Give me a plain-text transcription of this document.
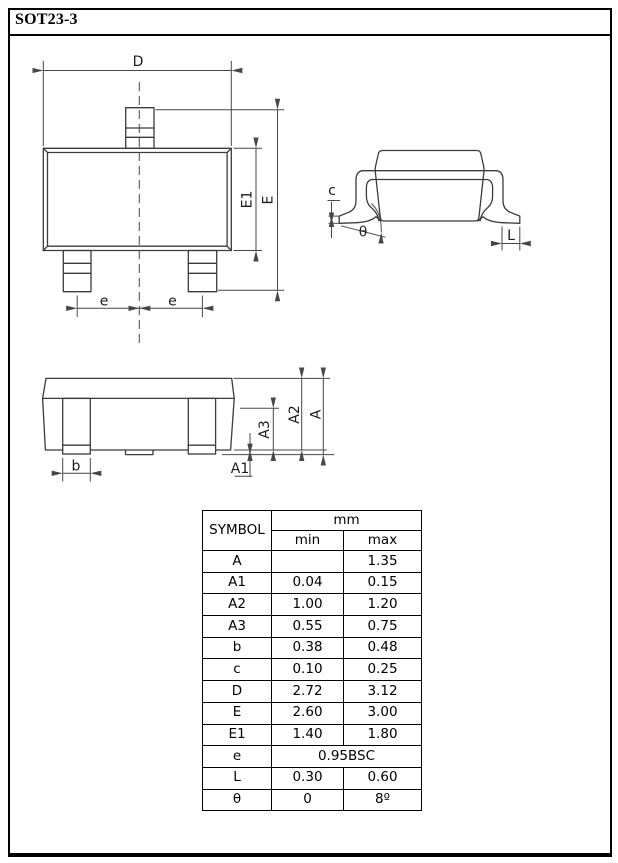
SOT23-3
D
E1 E
e	e
c
θ	L
b	A1
A3
A2 A
SYMBOL	mm	
	min	max
A		1.35
A1	0.04	0.15
A2	1.00	1.20
A3	0.55	0.75
b	0.38	0.48
c	0.10	0.25
D	2.72	3.12
E	2.60	3.00
E1	1.40	1.80
e	0.95BSC	
L	0.30	0.60
θ	0	8º
